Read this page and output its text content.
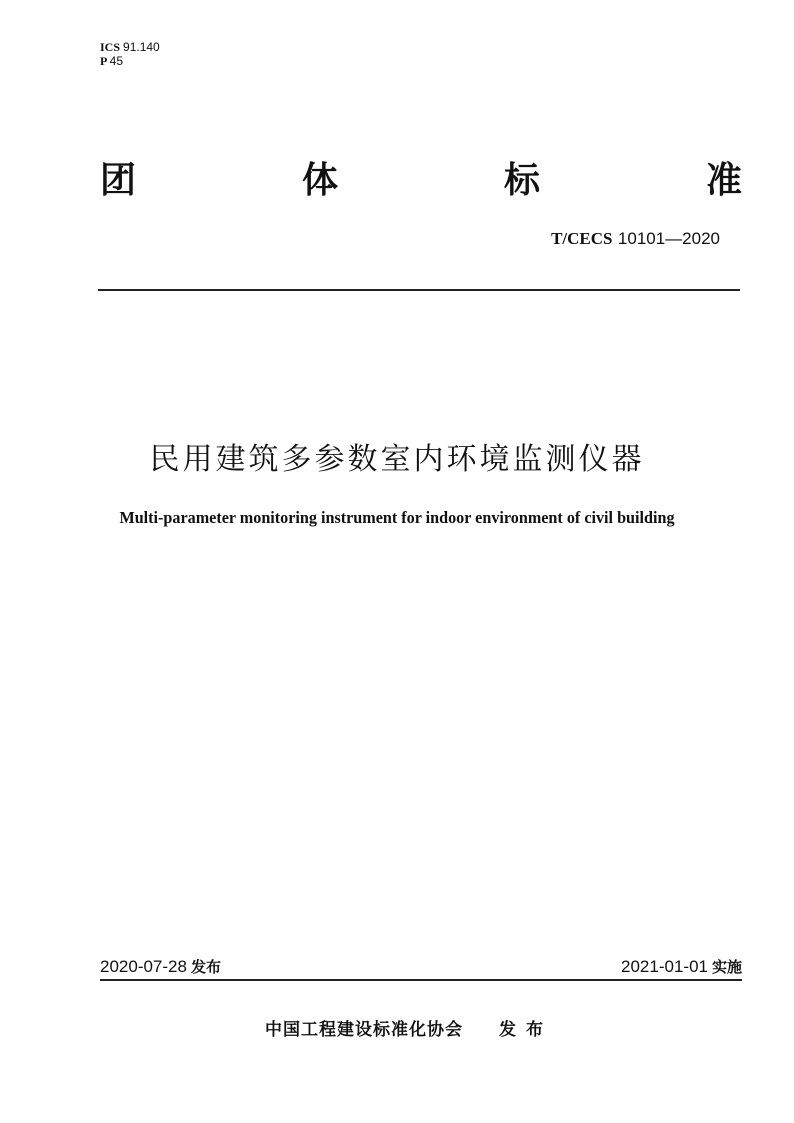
ICS 91.140
P 45
团	体	标	准
T/CECS 10101—2020
民用建筑多参数室内环境监测仪器
Multi-parameter monitoring instrument for indoor environment of civil building
2020-07-28 发布	2021-01-01 实施
中国工程建设标准化协会 发布
